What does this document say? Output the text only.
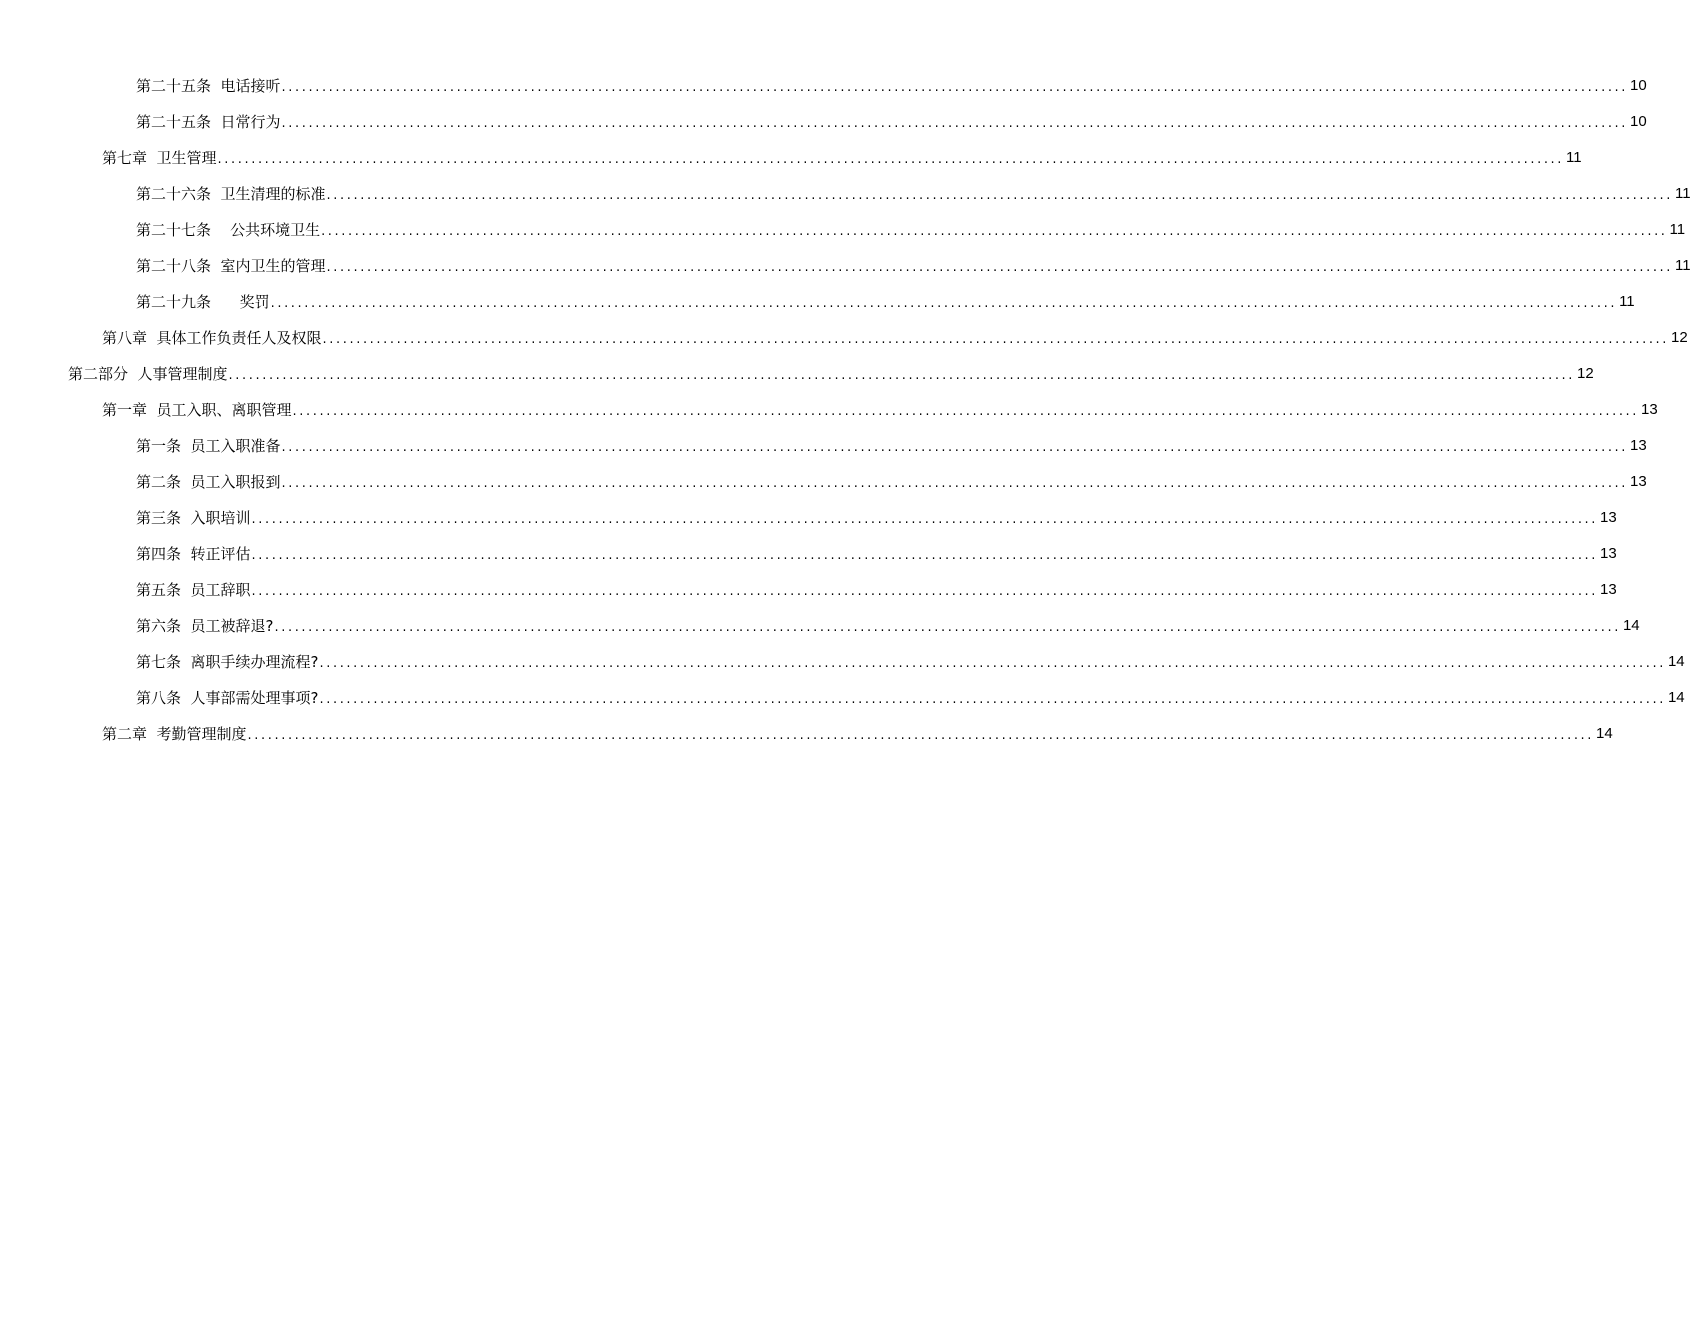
第二十五条  电话接听 ........................................................................................................................................................................................................ 10
第二十五条  日常行为 ........................................................................................................................................................................................................ 10
第七章  卫生管理 ........................................................................................................................................................................................................ 11
第二十六条  卫生清理的标准 ........................................................................................................................................................................................................ 11
第二十七条    公共环境卫生 ........................................................................................................................................................................................................ 11
第二十八条  室内卫生的管理 ........................................................................................................................................................................................................ 11
第二十九条      奖罚 ........................................................................................................................................................................................................ 11
第八章  具体工作负责任人及权限 ........................................................................................................................................................................................................ 12
第二部分  人事管理制度 ........................................................................................................................................................................................................ 12
第一章  员工入职、离职管理 ........................................................................................................................................................................................................ 13
第一条  员工入职准备 ........................................................................................................................................................................................................ 13
第二条  员工入职报到 ........................................................................................................................................................................................................ 13
第三条  入职培训 ........................................................................................................................................................................................................ 13
第四条  转正评估 ........................................................................................................................................................................................................ 13
第五条  员工辞职 ........................................................................................................................................................................................................ 13
第六条  员工被辞退? ........................................................................................................................................................................................................ 14
第七条  离职手续办理流程? ........................................................................................................................................................................................................ 14
第八条  人事部需处理事项? ........................................................................................................................................................................................................ 14
第二章  考勤管理制度 ........................................................................................................................................................................................................ 14
